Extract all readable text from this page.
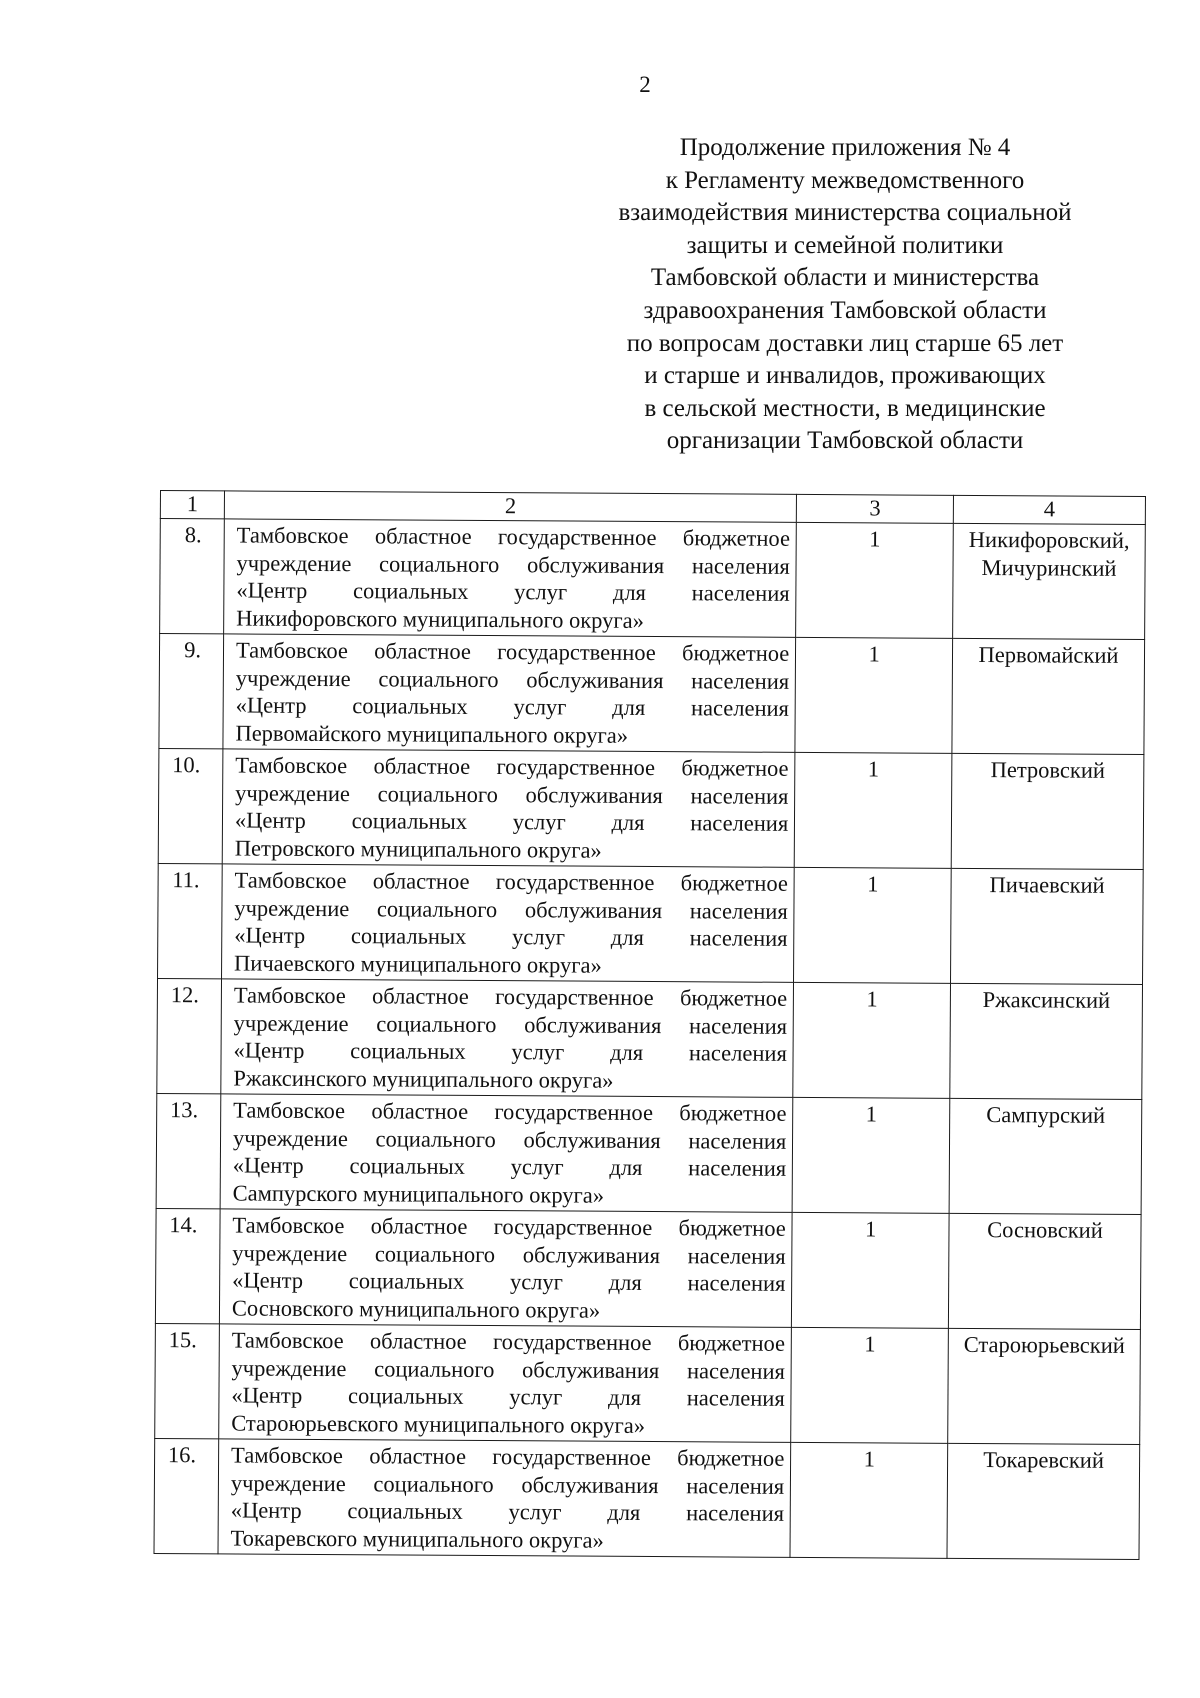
2
Продолжение приложения № 4
к Регламенту межведомственного
взаимодействия министерства социальной
защиты и семейной политики
Тамбовской области и министерства
здравоохранения Тамбовской области
по вопросам доставки лиц старше 65 лет
и старше и инвалидов, проживающих
в сельской местности, в медицинские
организации Тамбовской области
1	2	3	4
8.	Тамбовское областное государственное бюджетное
учреждение социального обслуживания населения
«Центр социальных услуг для населения
Никифоровского муниципального округа»	1	Никифоровский, Мичуринский
9.	Тамбовское областное государственное бюджетное
учреждение социального обслуживания населения
«Центр социальных услуг для населения
Первомайского муниципального округа»	1	Первомайский
10.	Тамбовское областное государственное бюджетное
учреждение социального обслуживания населения
«Центр социальных услуг для населения
Петровского муниципального округа»	1	Петровский
11.	Тамбовское областное государственное бюджетное
учреждение социального обслуживания населения
«Центр социальных услуг для населения
Пичаевского муниципального округа»	1	Пичаевский
12.	Тамбовское областное государственное бюджетное
учреждение социального обслуживания населения
«Центр социальных услуг для населения
Ржаксинского муниципального округа»	1	Ржаксинский
13.	Тамбовское областное государственное бюджетное
учреждение социального обслуживания населения
«Центр социальных услуг для населения
Сампурского муниципального округа»	1	Сампурский
14.	Тамбовское областное государственное бюджетное
учреждение социального обслуживания населения
«Центр социальных услуг для населения
Сосновского муниципального округа»	1	Сосновский
15.	Тамбовское областное государственное бюджетное
учреждение социального обслуживания населения
«Центр социальных услуг для населения
Староюрьевского муниципального округа»	1	Староюрьевский
16.	Тамбовское областное государственное бюджетное
учреждение социального обслуживания населения
«Центр социальных услуг для населения
Токаревского муниципального округа»	1	Токаревский
